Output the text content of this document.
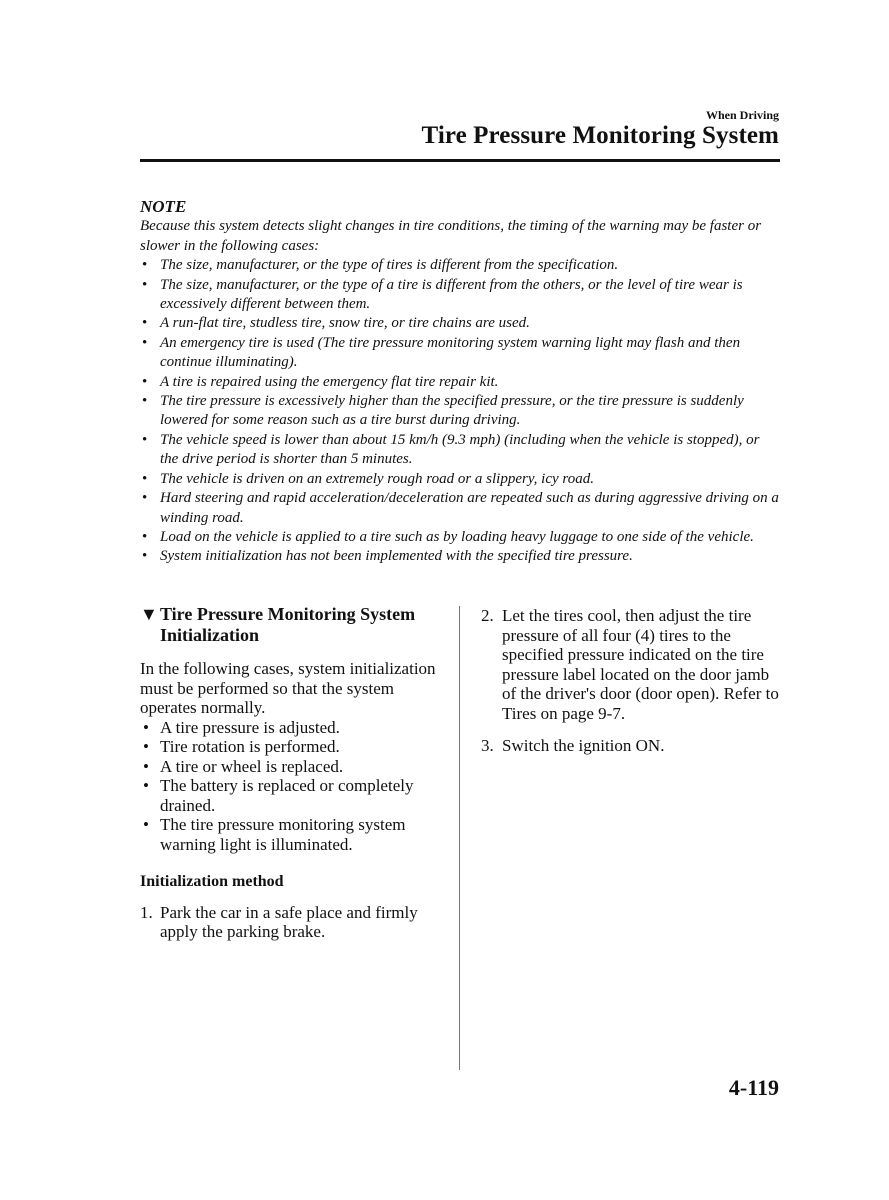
When Driving
Tire Pressure Monitoring System
NOTE

Because this system detects slight changes in tire conditions, the timing of the warning may be faster or slower in the following cases:

• The size, manufacturer, or the type of tires is different from the specification.
• The size, manufacturer, or the type of a tire is different from the others, or the level of tire wear is excessively different between them.
• A run-flat tire, studless tire, snow tire, or tire chains are used.
• An emergency tire is used (The tire pressure monitoring system warning light may flash and then continue illuminating).
• A tire is repaired using the emergency flat tire repair kit.
• The tire pressure is excessively higher than the specified pressure, or the tire pressure is suddenly lowered for some reason such as a tire burst during driving.
• The vehicle speed is lower than about 15 km/h (9.3 mph) (including when the vehicle is stopped), or the drive period is shorter than 5 minutes.
• The vehicle is driven on an extremely rough road or a slippery, icy road.
• Hard steering and rapid acceleration/deceleration are repeated such as during aggressive driving on a winding road.
• Load on the vehicle is applied to a tire such as by loading heavy luggage to one side of the vehicle.
• System initialization has not been implemented with the specified tire pressure.
▼ Tire Pressure Monitoring System Initialization

In the following cases, system initialization must be performed so that the system operates normally.

• A tire pressure is adjusted.
• Tire rotation is performed.
• A tire or wheel is replaced.
• The battery is replaced or completely drained.
• The tire pressure monitoring system warning light is illuminated.
Initialization method
1. Park the car in a safe place and firmly apply the parking brake.
2. Let the tires cool, then adjust the tire pressure of all four (4) tires to the specified pressure indicated on the tire pressure label located on the door jamb of the driver's door (door open). Refer to Tires on page 9-7.
3. Switch the ignition ON.
4-119
